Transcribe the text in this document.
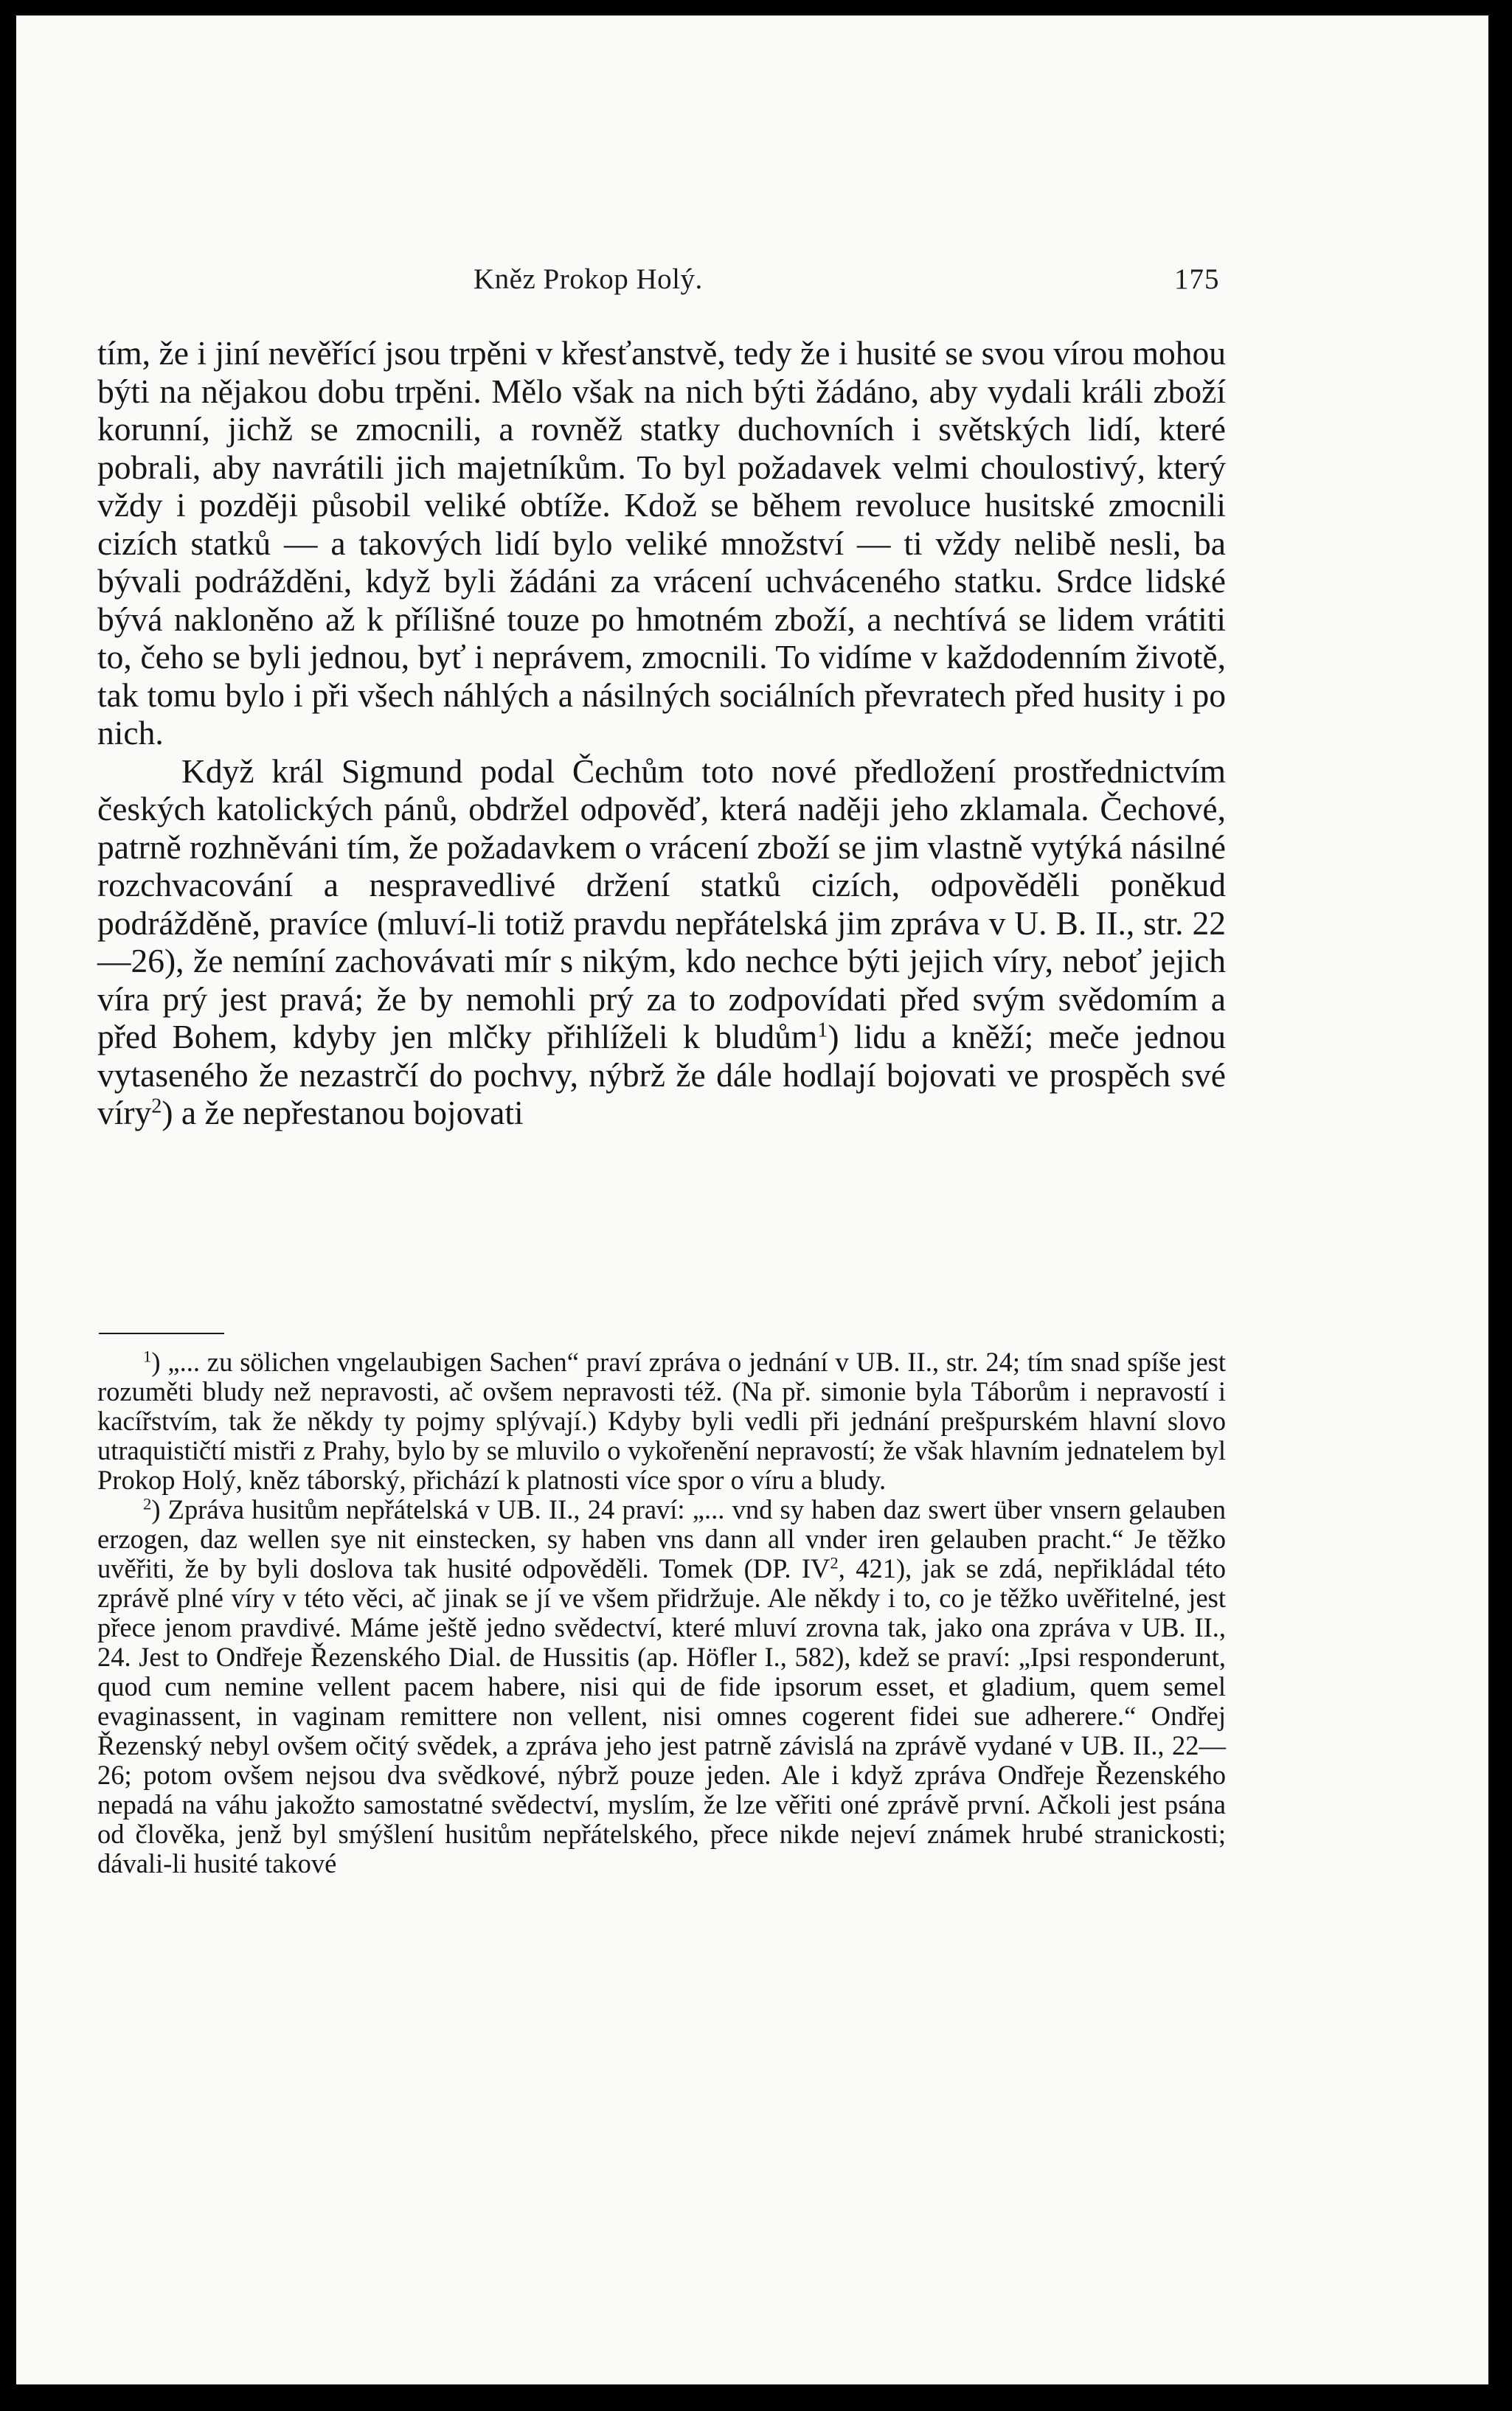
Kněz Prokop Holý.	175

tím, že i jiní nevěřící jsou trpěni v křesťanstvě, tedy že i husité se svou vírou mohou býti na nějakou dobu trpěni. Mělo však na nich býti žádáno, aby vydali králi zboží korunní, jichž se zmocnili, a rovněž statky duchovních i světských lidí, které pobrali, aby navrátili jich majetníkům. To byl požadavek velmi choulostivý, který vždy i později působil veliké obtíže. Kdož se během revoluce husitské zmocnili cizích statků — a takových lidí bylo veliké množství — ti vždy nelibě nesli, ba bývali podrážděni, když byli žádáni za vrácení uchváceného statku. Srdce lidské bývá nakloněno až k přílišné touze po hmotném zboží, a nechtívá se lidem vrátiti to, čeho se byli jednou, byť i neprávem, zmocnili. To vidíme v každodenním životě, tak tomu bylo i při všech náhlých a násilných sociálních převratech před husity i po nich.

Když král Sigmund podal Čechům toto nové předložení prostřednictvím českých katolických pánů, obdržel odpověď, která naději jeho zklamala. Čechové, patrně rozhněváni tím, že požadavkem o vrácení zboží se jim vlastně vytýká násilné rozchvacování a nespravedlivé držení statků cizích, odpověděli poněkud podrážděně, pravíce (mluví-li totiž pravdu nepřátelská jim zpráva v U. B. II., str. 22—26), že nemíní zachovávati mír s nikým, kdo nechce býti jejich víry, neboť jejich víra prý jest pravá; že by nemohli prý za to zodpovídati před svým svědomím a před Bohem, kdyby jen mlčky přihlíželi k bludům$^1$) lidu a kněží; meče jednou vytaseného že nezastrčí do pochvy, nýbrž že dále hodlají bojovati ve prospěch své víry$^2$) a že nepřestanou bojovati

$^1$) „... zu sölichen vngelaubigen Sachen“ praví zpráva o jednání v UB. II., str. 24; tím snad spíše jest rozuměti bludy než nepravosti, ač ovšem nepravosti též. (Na př. simonie byla Táborům i nepravostí i kacířstvím, tak že někdy ty pojmy splývají.) Kdyby byli vedli při jednání prešpurském hlavní slovo utraquističtí mistři z Prahy, bylo by se mluvilo o vykořenění nepravostí; že však hlavním jednatelem byl Prokop Holý, kněz táborský, přichází k platnosti více spor o víru a bludy.

$^2$) Zpráva husitům nepřátelská v UB. II., 24 praví: „... vnd sy haben daz swert über vnsern gelauben erzogen, daz wellen sye nit einstecken, sy haben vns dann all vnder iren gelauben pracht.“ Je těžko uvěřiti, že by byli doslova tak husité odpověděli. Tomek (DP. $IV^2$, 421), jak se zdá, nepřikládal této zprávě plné víry v této věci, ač jinak se jí ve všem přidržuje. Ale někdy i to, co je těžko uvěřitelné, jest přece jenom pravdivé. Máme ještě jedno svědectví, které mluví zrovna tak, jako ona zpráva v UB. II., 24. Jest to Ondřeje Řezenského Dial. de Hussitis (ap. Höfler I., 582), kdež se praví: „Ipsi responderunt, quod cum nemine vellent pacem habere, nisi qui de fide ipsorum esset, et gladium, quem semel evaginassent, in vaginam remittere non vellent, nisi omnes cogerent fidei sue adherere.“ Ondřej Řezenský nebyl ovšem očitý svědek, a zpráva jeho jest patrně závislá na zprávě vydané v UB. II., 22—26; potom ovšem nejsou dva svědkové, nýbrž pouze jeden. Ale i když zpráva Ondřeje Řezenského nepadá na váhu jakožto samostatné svědectví, myslím, že lze věřiti oné zprávě první. Ačkoli jest psána od člověka, jenž byl smýšlení husitům nepřátelského, přece nikde nejeví známek hrubé stranickosti; dávali-li husité takové
